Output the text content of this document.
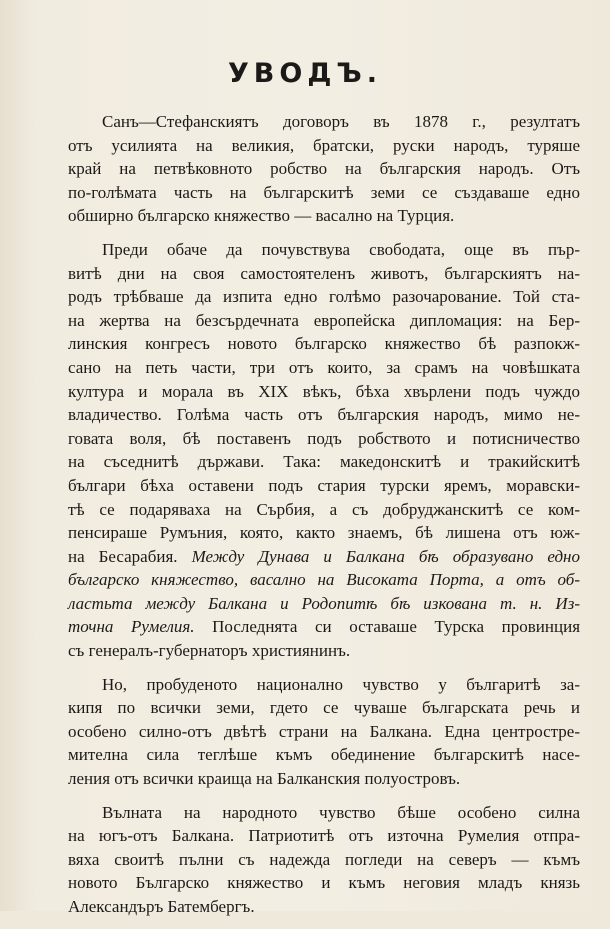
УВОДЪ.
Санъ—Стефанскиятъ договоръ въ 1878 г., резултатъ
отъ усилията на великия, братски, руски народъ, туряше
край на петвѣковното робство на българския народъ. Отъ
по-голѣмата часть на българскитѣ земи се създаваше едно
обширно българско княжество — васално на Турция.
Преди обаче да почувствува свободата, още въ пър-
витѣ дни на своя самостоятеленъ животъ, българскиятъ на-
родъ трѣбваше да изпита едно голѣмо разочарование. Той ста-
на жертва на безсърдечната европейска дипломация: на Бер-
линския конгресъ новото българско княжество бѣ разпокж-
сано на петь части, три отъ които, за срамъ на човѣшката
култура и морала въ XIX вѣкъ, бѣха хвърлени подъ чуждо
владичество. Голѣма часть отъ българския народъ, мимо не-
говата воля, бѣ поставенъ подъ робството и потисничество
на съседнитѣ държави. Така: македонскитѣ и тракийскитѣ
българи бѣха оставени подъ стария турски яремъ, моравски-
тѣ се подаряваха на Сърбия, а съ добруджанскитѣ се ком-
пенсираше Румъния, която, както знаемъ, бѣ лишена отъ юж-
на Бесарабия. Между Дунава и Балкана бѣ образувано едно
българско княжество, васално на Високата Порта, а отъ об-
ластьта между Балкана и Родопитѣ бѣ изкована т. н. Из-
точна Румелия. Последнята си оставаше Турска провинция
съ генералъ-губернаторъ християнинъ.
Но, пробуденото национално чувство у българитѣ за-
кипя по всички земи, гдето се чуваше българската речь и
особено силно-отъ двѣтѣ страни на Балкана. Една центростре-
мителна сила теглѣше къмъ обединение българскитѣ насе-
ления отъ всички краища на Балканския полуостровъ.
Вълната на народното чувство бѣше особено силна
на югъ-отъ Балкана. Патриотитѣ отъ източна Румелия отпра-
вяха своитѣ пълни съ надежда погледи на северъ — къмъ
новото Българско княжество и къмъ неговия младъ князь
Александъръ Батембергъ.
